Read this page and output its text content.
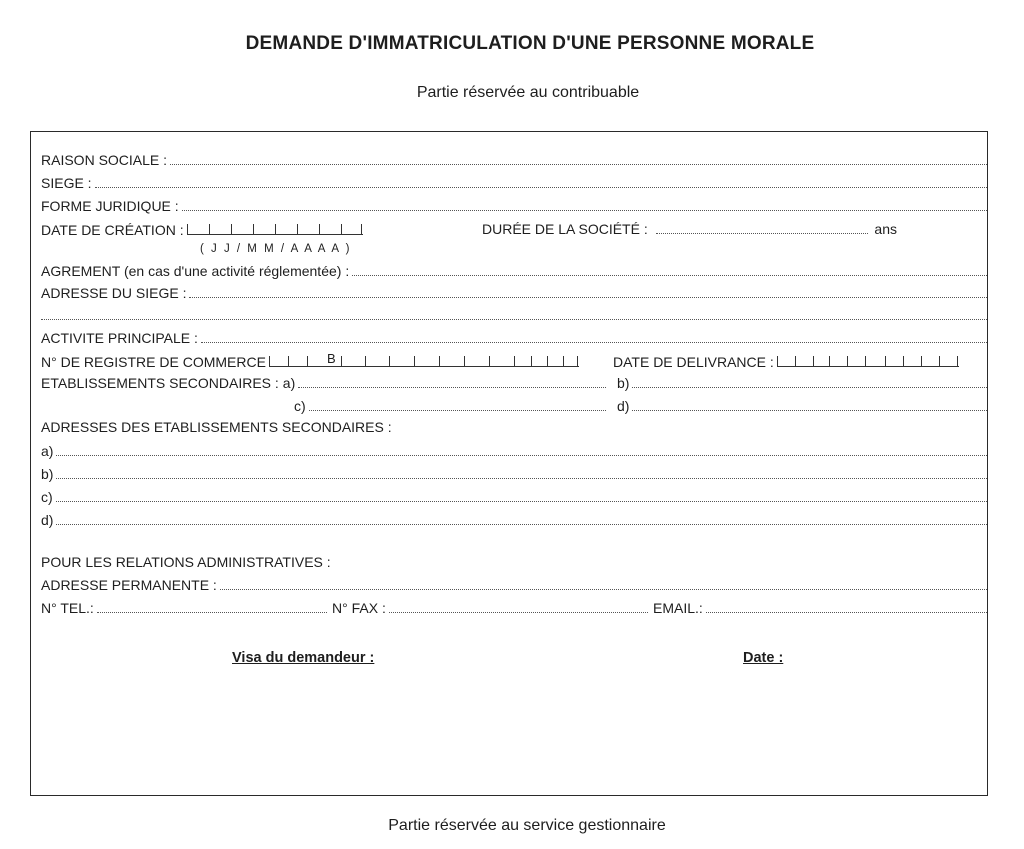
DEMANDE D'IMMATRICULATION D'UNE PERSONNE MORALE
Partie réservée au contribuable
RAISON SOCIALE :
SIEGE :
FORME JURIDIQUE :
DATE DE CRÉATION :
( J J / M M / A A A A )
DURÉE DE LA SOCIÉTÉ :	ans
AGREMENT (en cas d'une activité réglementée) :
ADRESSE DU SIEGE :
ACTIVITE PRINCIPALE :
N° DE REGISTRE DE COMMERCE	B	DATE DE DELIVRANCE :
ETABLISSEMENTS SECONDAIRES : a)	b)
c)	d)
ADRESSES DES ETABLISSEMENTS SECONDAIRES :
a)
b)
c)
d)
POUR LES RELATIONS ADMINISTRATIVES :
ADRESSE PERMANENTE :
N° TEL.:	N° FAX :	EMAIL.:
Visa du demandeur :	Date :
Partie réservée au service gestionnaire
